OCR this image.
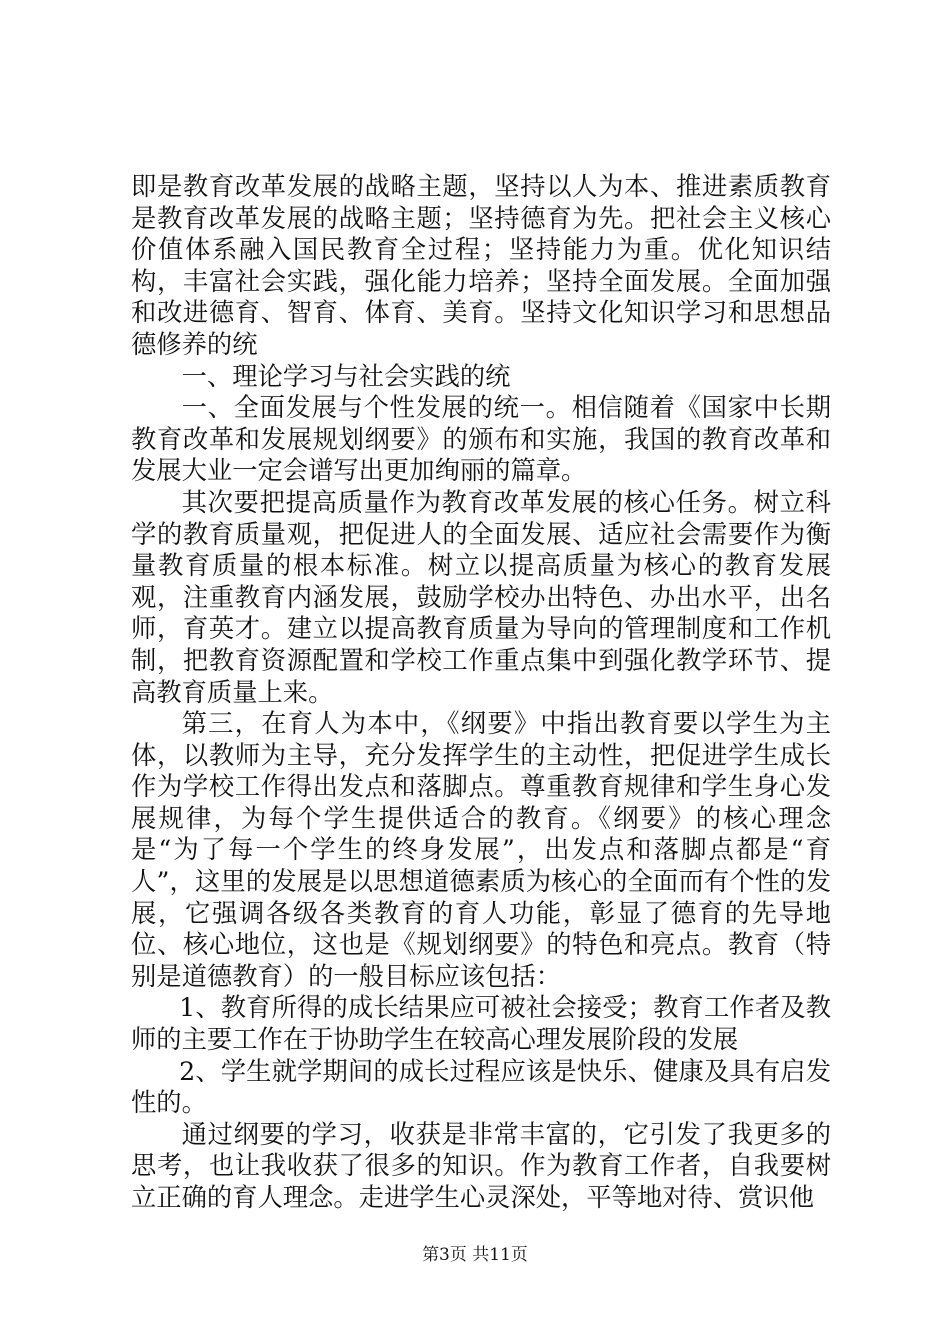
即是教育改革发展的战略主题，坚持以人为本、推进素质教育是教育改革发展的战略主题；坚持德育为先。把社会主义核心价值体系融入国民教育全过程；坚持能力为重。优化知识结构，丰富社会实践，强化能力培养；坚持全面发展。全面加强和改进德育、智育、体育、美育。坚持文化知识学习和思想品德修养的统

一、理论学习与社会实践的统

一、全面发展与个性发展的统一。相信随着《国家中长期教育改革和发展规划纲要》的颁布和实施，我国的教育改革和发展大业一定会谱写出更加绚丽的篇章。

其次要把提高质量作为教育改革发展的核心任务。树立科学的教育质量观，把促进人的全面发展、适应社会需要作为衡量教育质量的根本标准。树立以提高质量为核心的教育发展观，注重教育内涵发展，鼓励学校办出特色、办出水平，出名师，育英才。建立以提高教育质量为导向的管理制度和工作机制，把教育资源配置和学校工作重点集中到强化教学环节、提高教育质量上来。

第三，在育人为本中，《纲要》中指出教育要以学生为主体，以教师为主导，充分发挥学生的主动性，把促进学生成长作为学校工作得出发点和落脚点。尊重教育规律和学生身心发展规律，为每个学生提供适合的教育。《纲要》的核心理念是“为了每一个学生的终身发展”，出发点和落脚点都是“育人”，这里的发展是以思想道德素质为核心的全面而有个性的发展，它强调各级各类教育的育人功能，彰显了德育的先导地位、核心地位，这也是《规划纲要》的特色和亮点。教育（特别是道德教育）的一般目标应该包括：

1、教育所得的成长结果应可被社会接受；教育工作者及教师的主要工作在于协助学生在较高心理发展阶段的发展

2、学生就学期间的成长过程应该是快乐、健康及具有启发性的。

通过纲要的学习，收获是非常丰富的，它引发了我更多的思考，也让我收获了很多的知识。作为教育工作者，自我要树立正确的育人理念。走进学生心灵深处，平等地对待、赏识他

第3页 共11页
